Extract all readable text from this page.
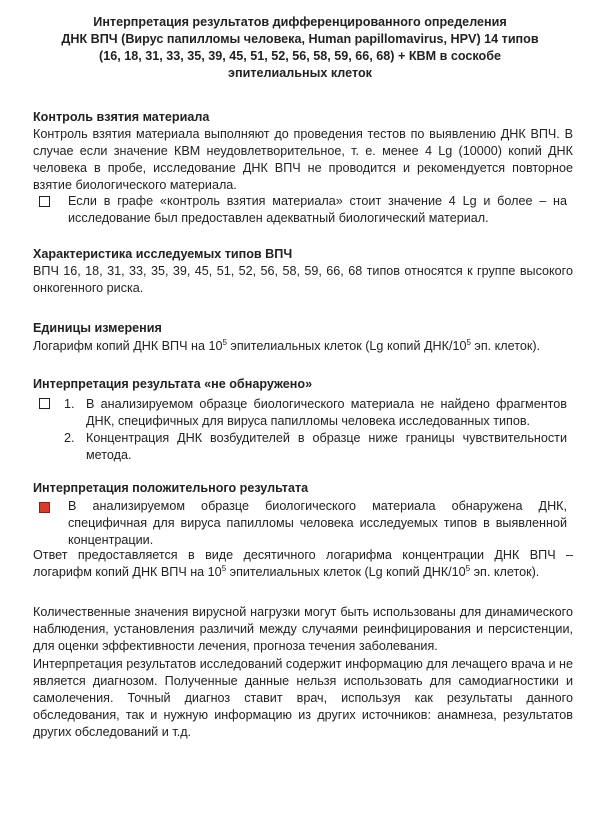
Интерпретация результатов дифференцированного определения
ДНК ВПЧ (Вирус папилломы человека, Human papillomavirus, HPV) 14 типов
(16, 18, 31, 33, 35, 39, 45, 51, 52, 56, 58, 59, 66, 68) + КВМ в соскобе
эпителиальных клеток
Контроль взятия материала
Контроль взятия материала выполняют до проведения тестов по выявлению ДНК ВПЧ. В случае если значение КВМ неудовлетворительное, т. е. менее 4 Lg (10000) копий ДНК человека в пробе, исследование ДНК ВПЧ не проводится и рекомендуется повторное взятие биологического материала.
Если в графе «контроль взятия материала» стоит значение 4 Lg и более – на исследование был предоставлен адекватный биологический материал.
Характеристика исследуемых типов ВПЧ
ВПЧ 16, 18, 31, 33, 35, 39, 45, 51, 52, 56, 58, 59, 66, 68 типов относятся к группе высокого онкогенного риска.
Единицы измерения
Логарифм копий ДНК ВПЧ на $10^5$ эпителиальных клеток (Lg копий ДНК/$10^5$ эп. клеток).
Интерпретация результата «не обнаружено»
1. В анализируемом образце биологического материала не найдено фрагментов ДНК, специфичных для вируса папилломы человека исследованных типов.
2. Концентрация ДНК возбудителей в образце ниже границы чувствительности метода.
Интерпретация положительного результата
В анализируемом образце биологического материала обнаружена ДНК, специфичная для вируса папилломы человека исследуемых типов в выявленной концентрации.
Ответ предоставляется в виде десятичного логарифма концентрации ДНК ВПЧ – логарифм копий ДНК ВПЧ на $10^5$ эпителиальных клеток (Lg копий ДНК/$10^5$ эп. клеток).
Количественные значения вирусной нагрузки могут быть использованы для динамического наблюдения, установления различий между случаями реинфицирования и персистенции, для оценки эффективности лечения, прогноза течения заболевания.
Интерпретация результатов исследований содержит информацию для лечащего врача и не является диагнозом. Полученные данные нельзя использовать для самодиагностики и самолечения. Точный диагноз ставит врач, используя как результаты данного обследования, так и нужную информацию из других источников: анамнеза, результатов других обследований и т.д.
